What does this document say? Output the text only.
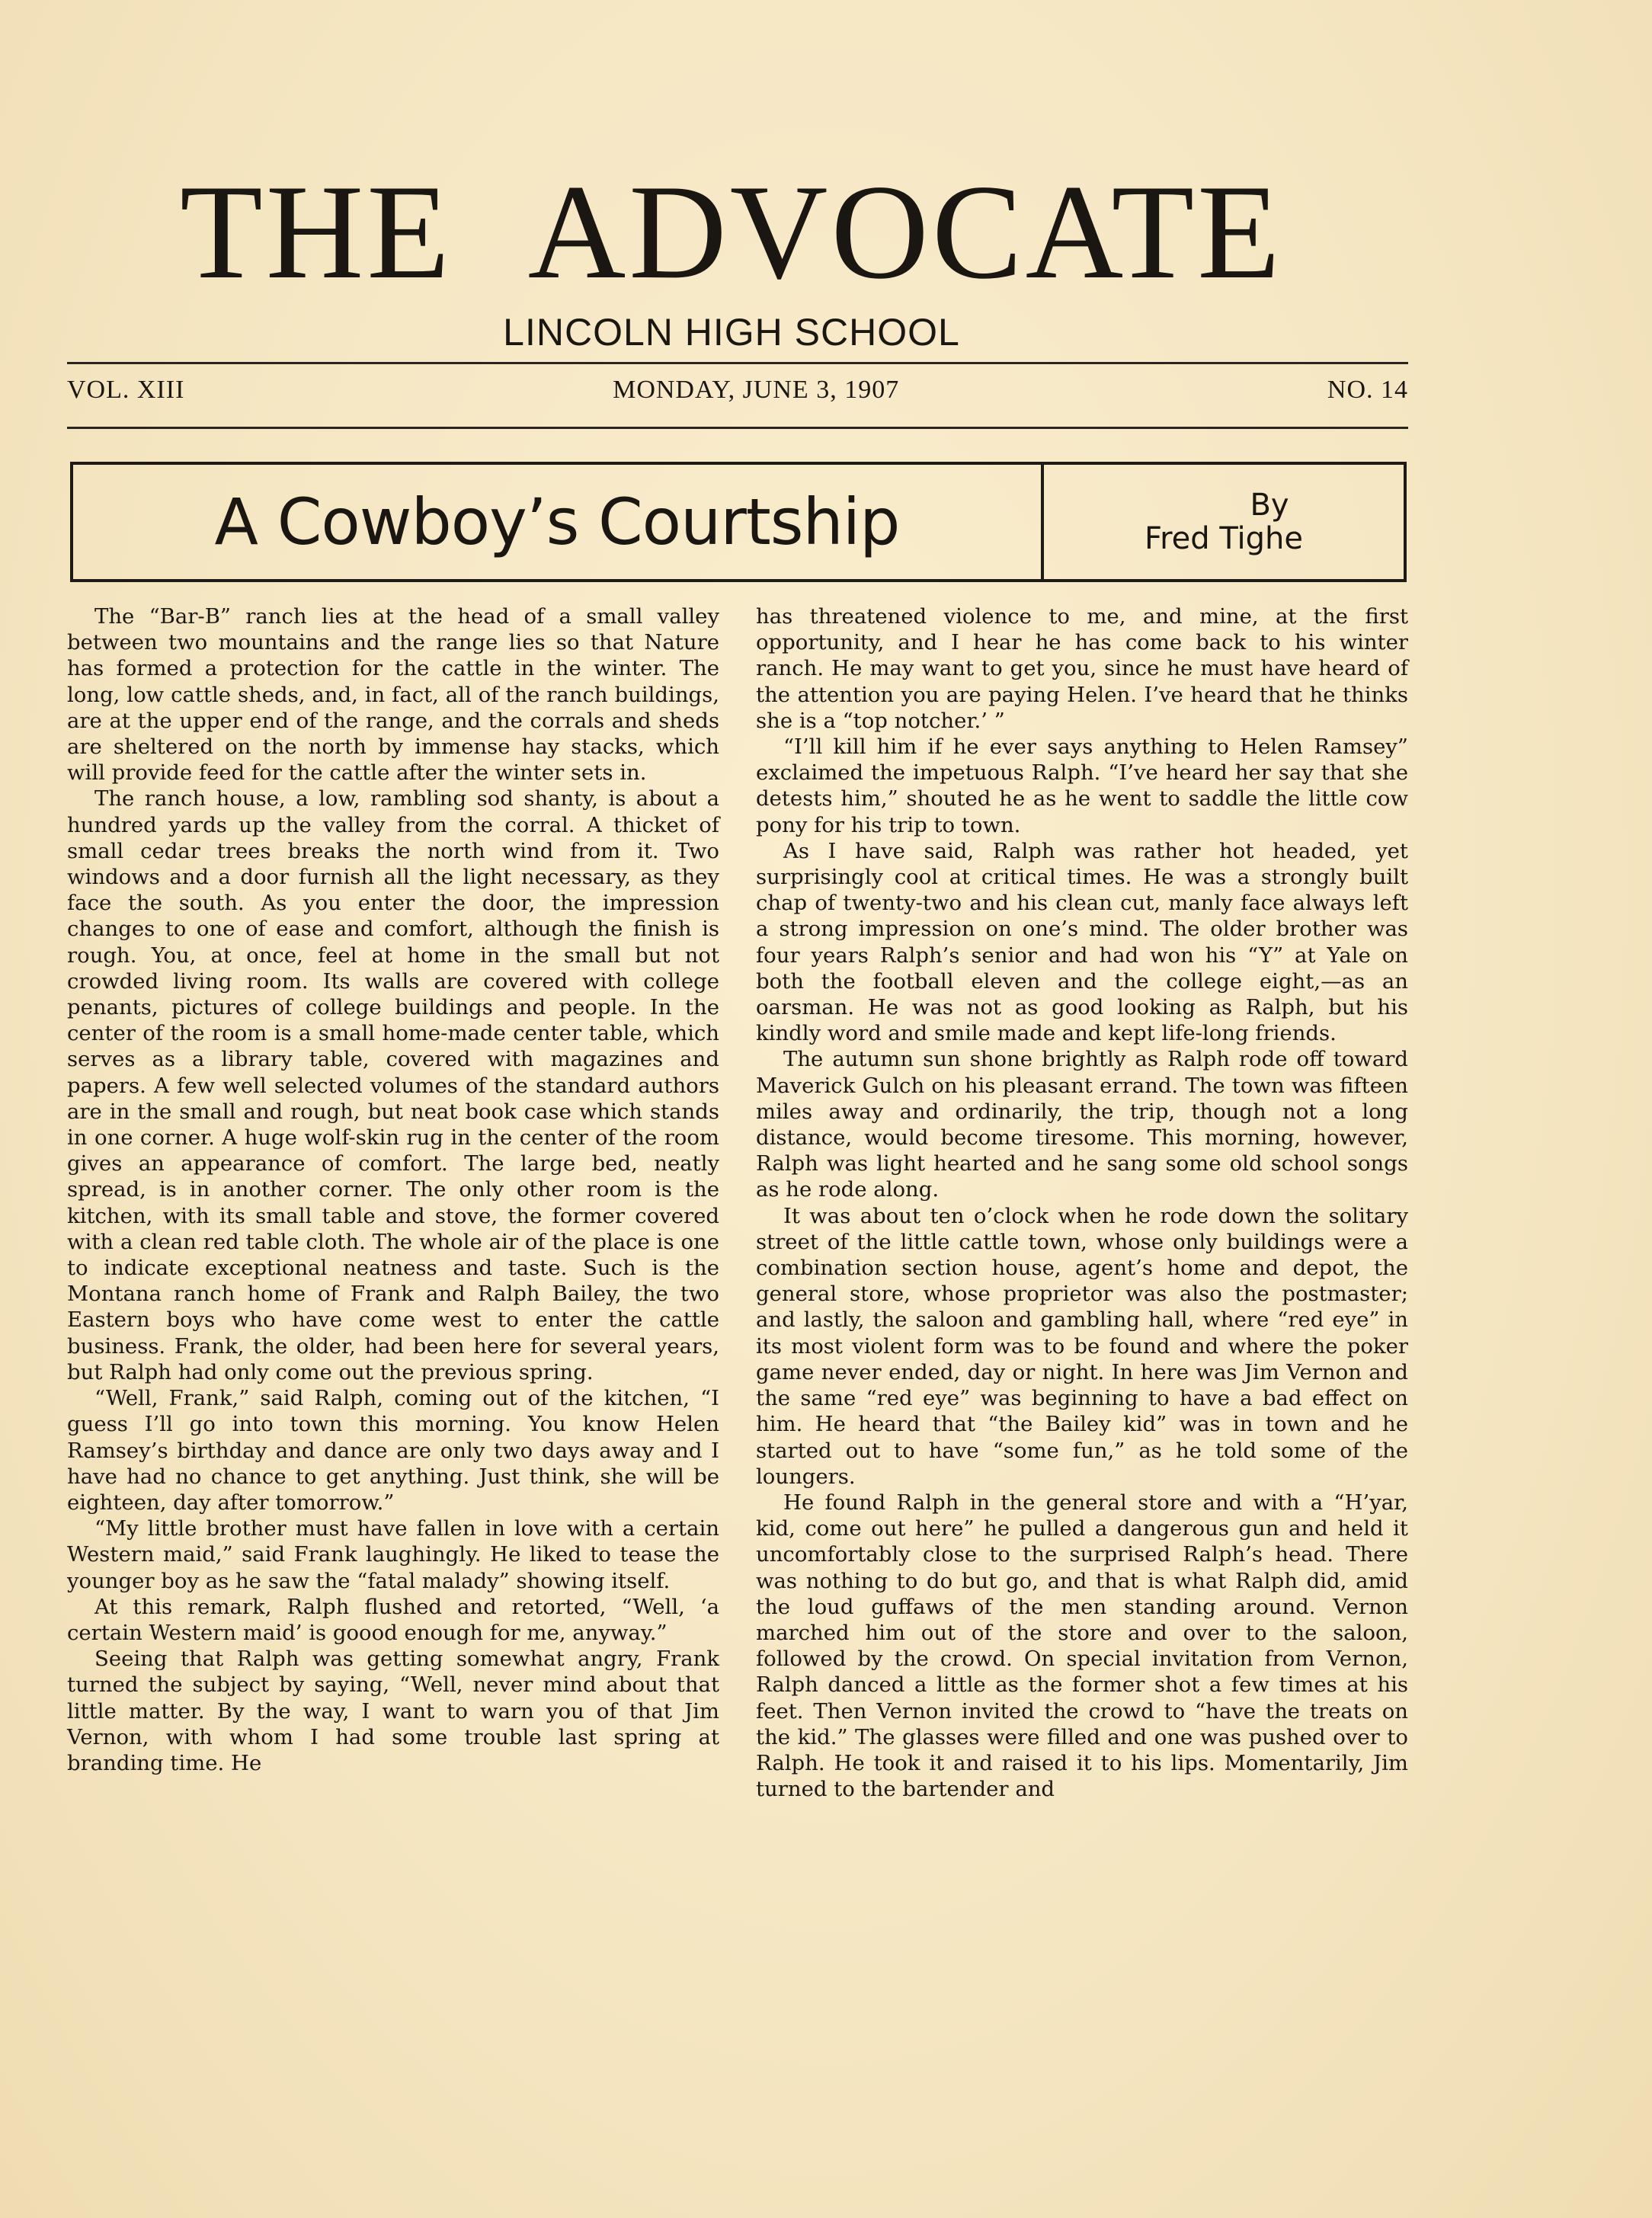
THE ADVOCATE
LINCOLN HIGH SCHOOL
VOL. XIII	MONDAY, JUNE 3, 1907	NO. 14
A Cowboy’s Courtship	By
Fred Tighe

The “Bar-B” ranch lies at the head of a small valley between two mountains and the range lies so that Nature has formed a protection for the cattle in the winter. The long, low cattle sheds, and, in fact, all of the ranch buildings, are at the upper end of the range, and the corrals and sheds are sheltered on the north by immense hay stacks, which will provide feed for the cattle after the winter sets in.

The ranch house, a low, rambling sod shanty, is about a hundred yards up the valley from the corral. A thicket of small cedar trees breaks the north wind from it. Two windows and a door furnish all the light necessary, as they face the south. As you enter the door, the impression changes to one of ease and comfort, although the finish is rough. You, at once, feel at home in the small but not crowded living room. Its walls are covered with college penants, pictures of college buildings and people. In the center of the room is a small home-made center table, which serves as a library table, covered with magazines and papers. A few well selected volumes of the standard authors are in the small and rough, but neat book case which stands in one corner. A huge wolf-skin rug in the center of the room gives an appearance of comfort. The large bed, neatly spread, is in another corner. The only other room is the kitchen, with its small table and stove, the former covered with a clean red table cloth. The whole air of the place is one to indicate exceptional neatness and taste. Such is the Montana ranch home of Frank and Ralph Bailey, the two Eastern boys who have come west to enter the cattle business. Frank, the older, had been here for several years, but Ralph had only come out the previous spring.

“Well, Frank,” said Ralph, coming out of the kitchen, “I guess I’ll go into town this morning. You know Helen Ramsey’s birthday and dance are only two days away and I have had no chance to get anything. Just think, she will be eighteen, day after tomorrow.”

“My little brother must have fallen in love with a certain Western maid,” said Frank laughingly. He liked to tease the younger boy as he saw the “fatal malady” showing itself.

At this remark, Ralph flushed and retorted, “Well, ‘a certain Western maid’ is goood enough for me, anyway.”

Seeing that Ralph was getting somewhat angry, Frank turned the subject by saying, “Well, never mind about that little matter. By the way, I want to warn you of that Jim Vernon, with whom I had some trouble last spring at branding time. He

has threatened violence to me, and mine, at the first opportunity, and I hear he has come back to his winter ranch. He may want to get you, since he must have heard of the attention you are paying Helen. I’ve heard that he thinks she is a “top notcher.’ ”

“I’ll kill him if he ever says anything to Helen Ramsey” exclaimed the impetuous Ralph. “I’ve heard her say that she detests him,” shouted he as he went to saddle the little cow pony for his trip to town.

As I have said, Ralph was rather hot headed, yet surprisingly cool at critical times. He was a strongly built chap of twenty-two and his clean cut, manly face always left a strong impression on one’s mind. The older brother was four years Ralph’s senior and had won his “Y” at Yale on both the football eleven and the college eight,—as an oarsman. He was not as good looking as Ralph, but his kindly word and smile made and kept life-long friends.

The autumn sun shone brightly as Ralph rode off toward Maverick Gulch on his pleasant errand. The town was fifteen miles away and ordinarily, the trip, though not a long distance, would become tiresome. This morning, however, Ralph was light hearted and he sang some old school songs as he rode along.

It was about ten o’clock when he rode down the solitary street of the little cattle town, whose only buildings were a combination section house, agent’s home and depot, the general store, whose proprietor was also the postmaster; and lastly, the saloon and gambling hall, where “red eye” in its most violent form was to be found and where the poker game never ended, day or night. In here was Jim Vernon and the same “red eye” was beginning to have a bad effect on him. He heard that “the Bailey kid” was in town and he started out to have “some fun,” as he told some of the loungers.

He found Ralph in the general store and with a “H’yar, kid, come out here” he pulled a dangerous gun and held it uncomfortably close to the surprised Ralph’s head. There was nothing to do but go, and that is what Ralph did, amid the loud guffaws of the men standing around. Vernon marched him out of the store and over to the saloon, followed by the crowd. On special invitation from Vernon, Ralph danced a little as the former shot a few times at his feet. Then Vernon invited the crowd to “have the treats on the kid.” The glasses were filled and one was pushed over to Ralph. He took it and raised it to his lips. Momentarily, Jim turned to the bartender and
